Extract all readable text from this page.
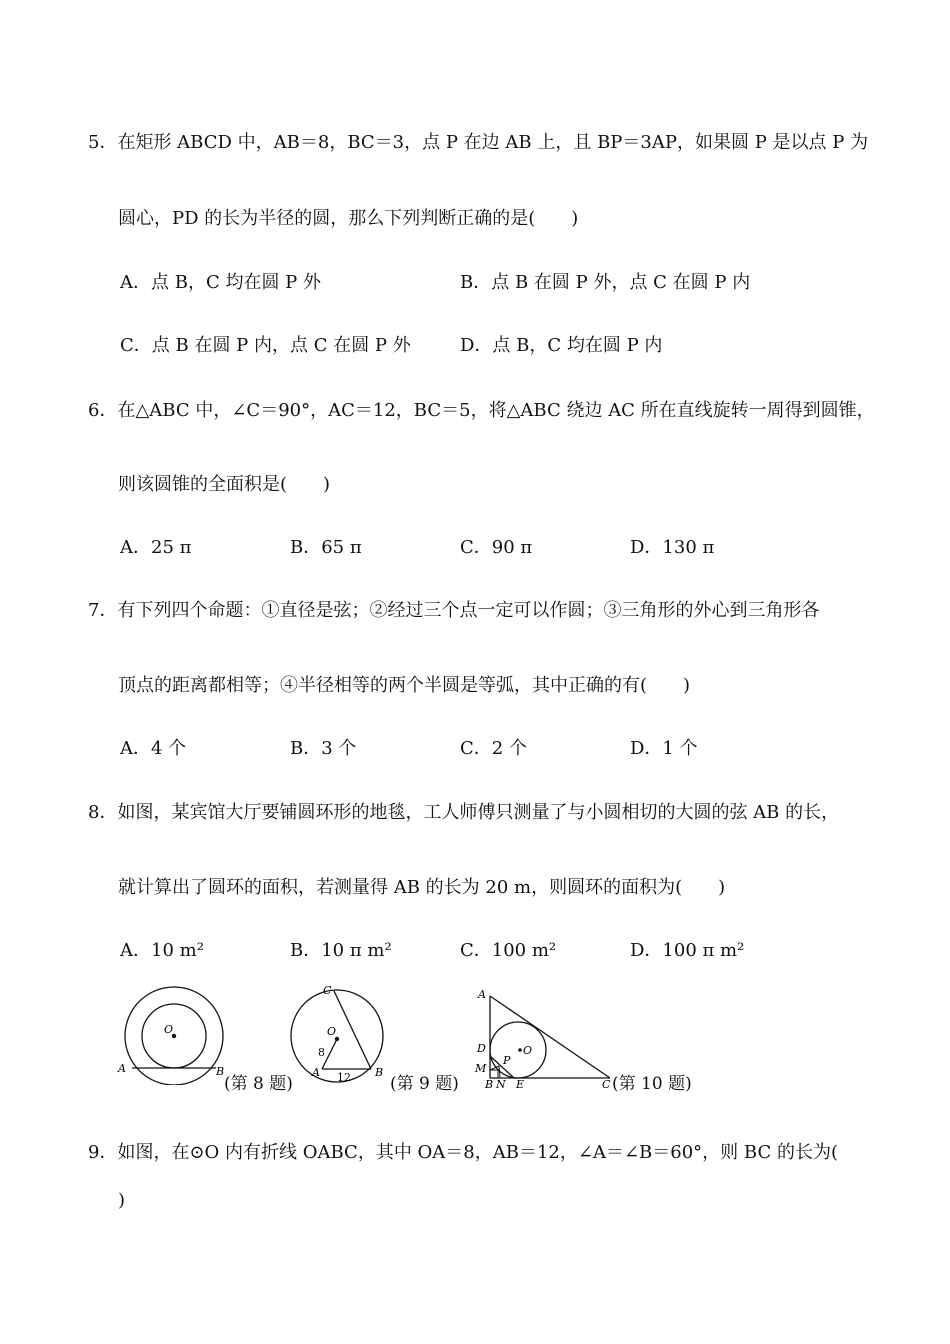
5．在矩形 ABCD 中，AB＝8，BC＝3，点 P 在边 AB 上，且 BP＝3AP，如果圆 P 是以点 P 为
圆心，PD 的长为半径的圆，那么下列判断正确的是(　　)
A．点 B，C 均在圆 P 外	B．点 B 在圆 P 外，点 C 在圆 P 内
C．点 B 在圆 P 内，点 C 在圆 P 外	D．点 B，C 均在圆 P 内
6．在△ABC 中，∠C＝90°，AC＝12，BC＝5，将△ABC 绕边 AC 所在直线旋转一周得到圆锥，
则该圆锥的全面积是(　　)
A．25 π	B．65 π	C．90 π	D．130 π
7．有下列四个命题：①直径是弦；②经过三个点一定可以作圆；③三角形的外心到三角形各
顶点的距离都相等；④半径相等的两个半圆是等弧，其中正确的有(　　)
A．4 个	B．3 个	C．2 个	D．1 个
8．如图，某宾馆大厅要铺圆环形的地毯，工人师傅只测量了与小圆相切的大圆的弦 AB 的长，
就计算出了圆环的面积，若测量得 AB 的长为 20 m，则圆环的面积为(　　)
A．10 m²	B．10 π m²	C．100 m²	D．100 π m²
O
A	B
(第 8 题)
C
O
8
A 12 B
(第 9 题)
A
D
M
P
O
B N E	C (第 10 题)
9．如图，在⊙O 内有折线 OABC，其中 OA＝8，AB＝12，∠A＝∠B＝60°，则 BC 的长为(
)
